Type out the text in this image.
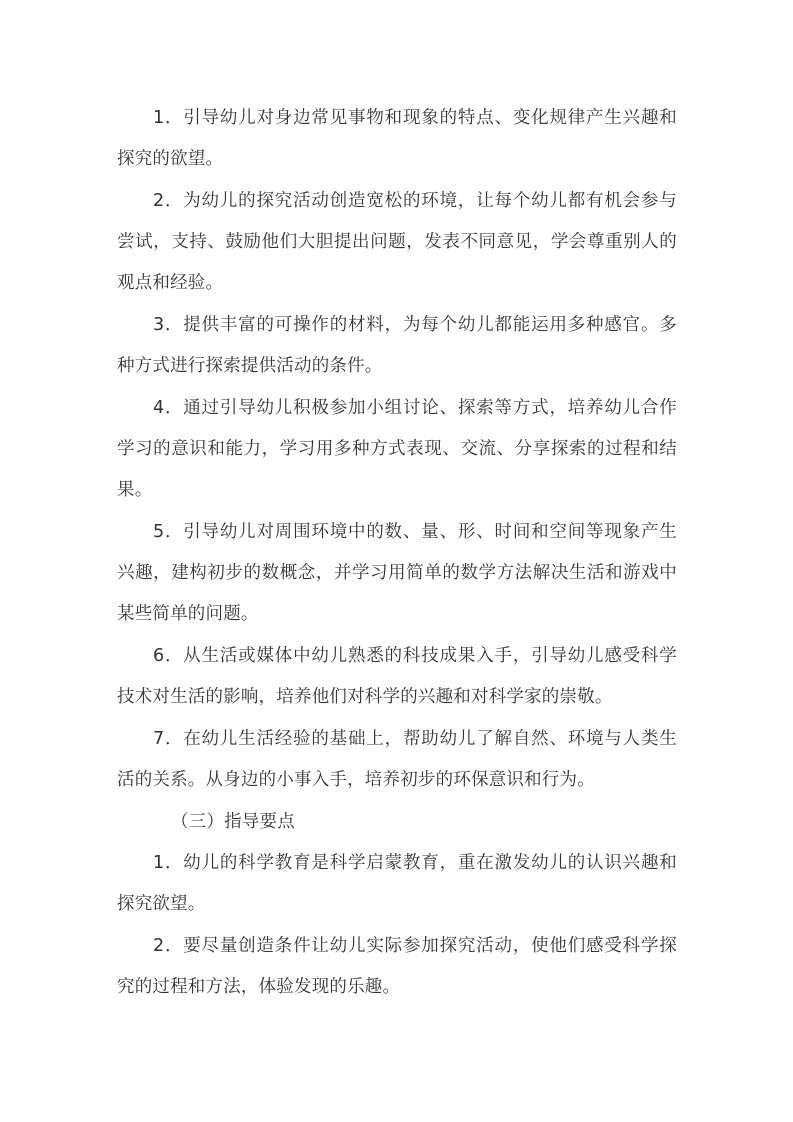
1．引导幼儿对身边常见事物和现象的特点、变化规律产生兴趣和探究的欲望。

2．为幼儿的探究活动创造宽松的环境，让每个幼儿都有机会参与尝试，支持、鼓励他们大胆提出问题，发表不同意见，学会尊重别人的观点和经验。

3．提供丰富的可操作的材料，为每个幼儿都能运用多种感官。多种方式进行探索提供活动的条件。

4．通过引导幼儿积极参加小组讨论、探索等方式，培养幼儿合作学习的意识和能力，学习用多种方式表现、交流、分享探索的过程和结果。

5．引导幼儿对周围环境中的数、量、形、时间和空间等现象产生兴趣，建构初步的数概念，并学习用简单的数学方法解决生活和游戏中某些简单的问题。

6．从生活或媒体中幼儿熟悉的科技成果入手，引导幼儿感受科学技术对生活的影响，培养他们对科学的兴趣和对科学家的崇敬。

7．在幼儿生活经验的基础上，帮助幼儿了解自然、环境与人类生活的关系。从身边的小事入手，培养初步的环保意识和行为。

（三）指导要点

1．幼儿的科学教育是科学启蒙教育，重在激发幼儿的认识兴趣和探究欲望。

2．要尽量创造条件让幼儿实际参加探究活动，使他们感受科学探究的过程和方法，体验发现的乐趣。
